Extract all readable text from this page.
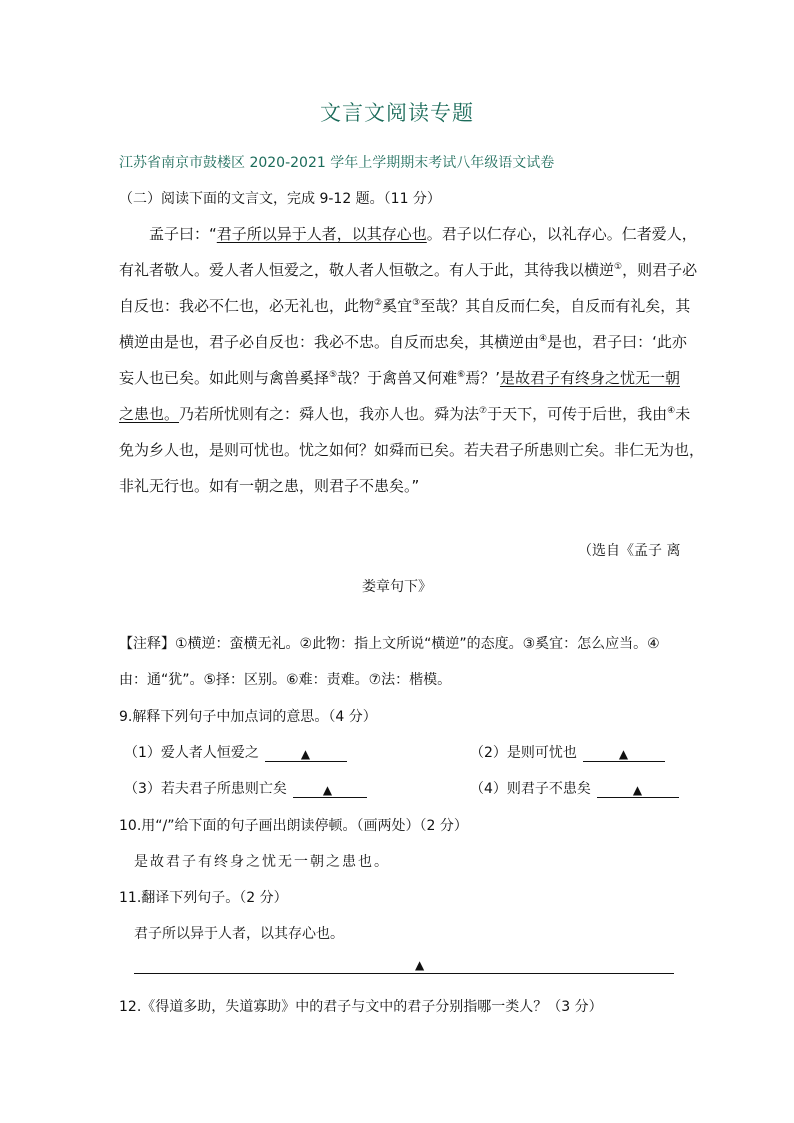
文言文阅读专题
江苏省南京市鼓楼区 2020-2021 学年上学期期末考试八年级语文试卷
（二）阅读下面的文言文，完成 9-12 题。（11 分）
孟子曰：“君子所以异于人者，以其存心也。君子以仁存心，以礼存心。仁者爱人，
有礼者敬人。爱人者人恒爱之，敬人者人恒敬之。有人于此，其待我以横逆①，则君子必
自反也：我必不仁也，必无礼也，此物②奚宜③至哉？其自反而仁矣，自反而有礼矣，其
横逆由是也，君子必自反也：我必不忠。自反而忠矣，其横逆由④是也，君子曰：‘此亦
妄人也已矣。如此则与禽兽奚择⑤哉？于禽兽又何难⑥焉？’是故君子有终身之忧无一朝
之患也。乃若所忧则有之：舜人也，我亦人也。舜为法⑦于天下，可传于后世，我由④未
免为乡人也，是则可忧也。忧之如何？如舜而已矣。若夫君子所患则亡矣。非仁无为也，
非礼无行也。如有一朝之患，则君子不患矣。”
（选自《孟子 离
娄章句下》
【注释】①横逆：蛮横无礼。②此物：指上文所说“横逆”的态度。③奚宜：怎么应当。④
由：通“犹”。⑤择：区别。⑥难：责难。⑦法：楷模。
9.解释下列句子中加点词的意思。（4 分）
（1）爱人者人恒爱之	▲	（2）是则可忧也	▲
（3）若夫君子所患则亡矣	▲	（4）则君子不患矣	▲
10.用“/”给下面的句子画出朗读停顿。（画两处）（2 分）
是故君子有终身之忧无一朝之患也。
11.翻译下列句子。（2 分）
君子所以异于人者，以其存心也。
▲
12.《得道多助，失道寡助》中的君子与文中的君子分别指哪一类人？（3 分）
